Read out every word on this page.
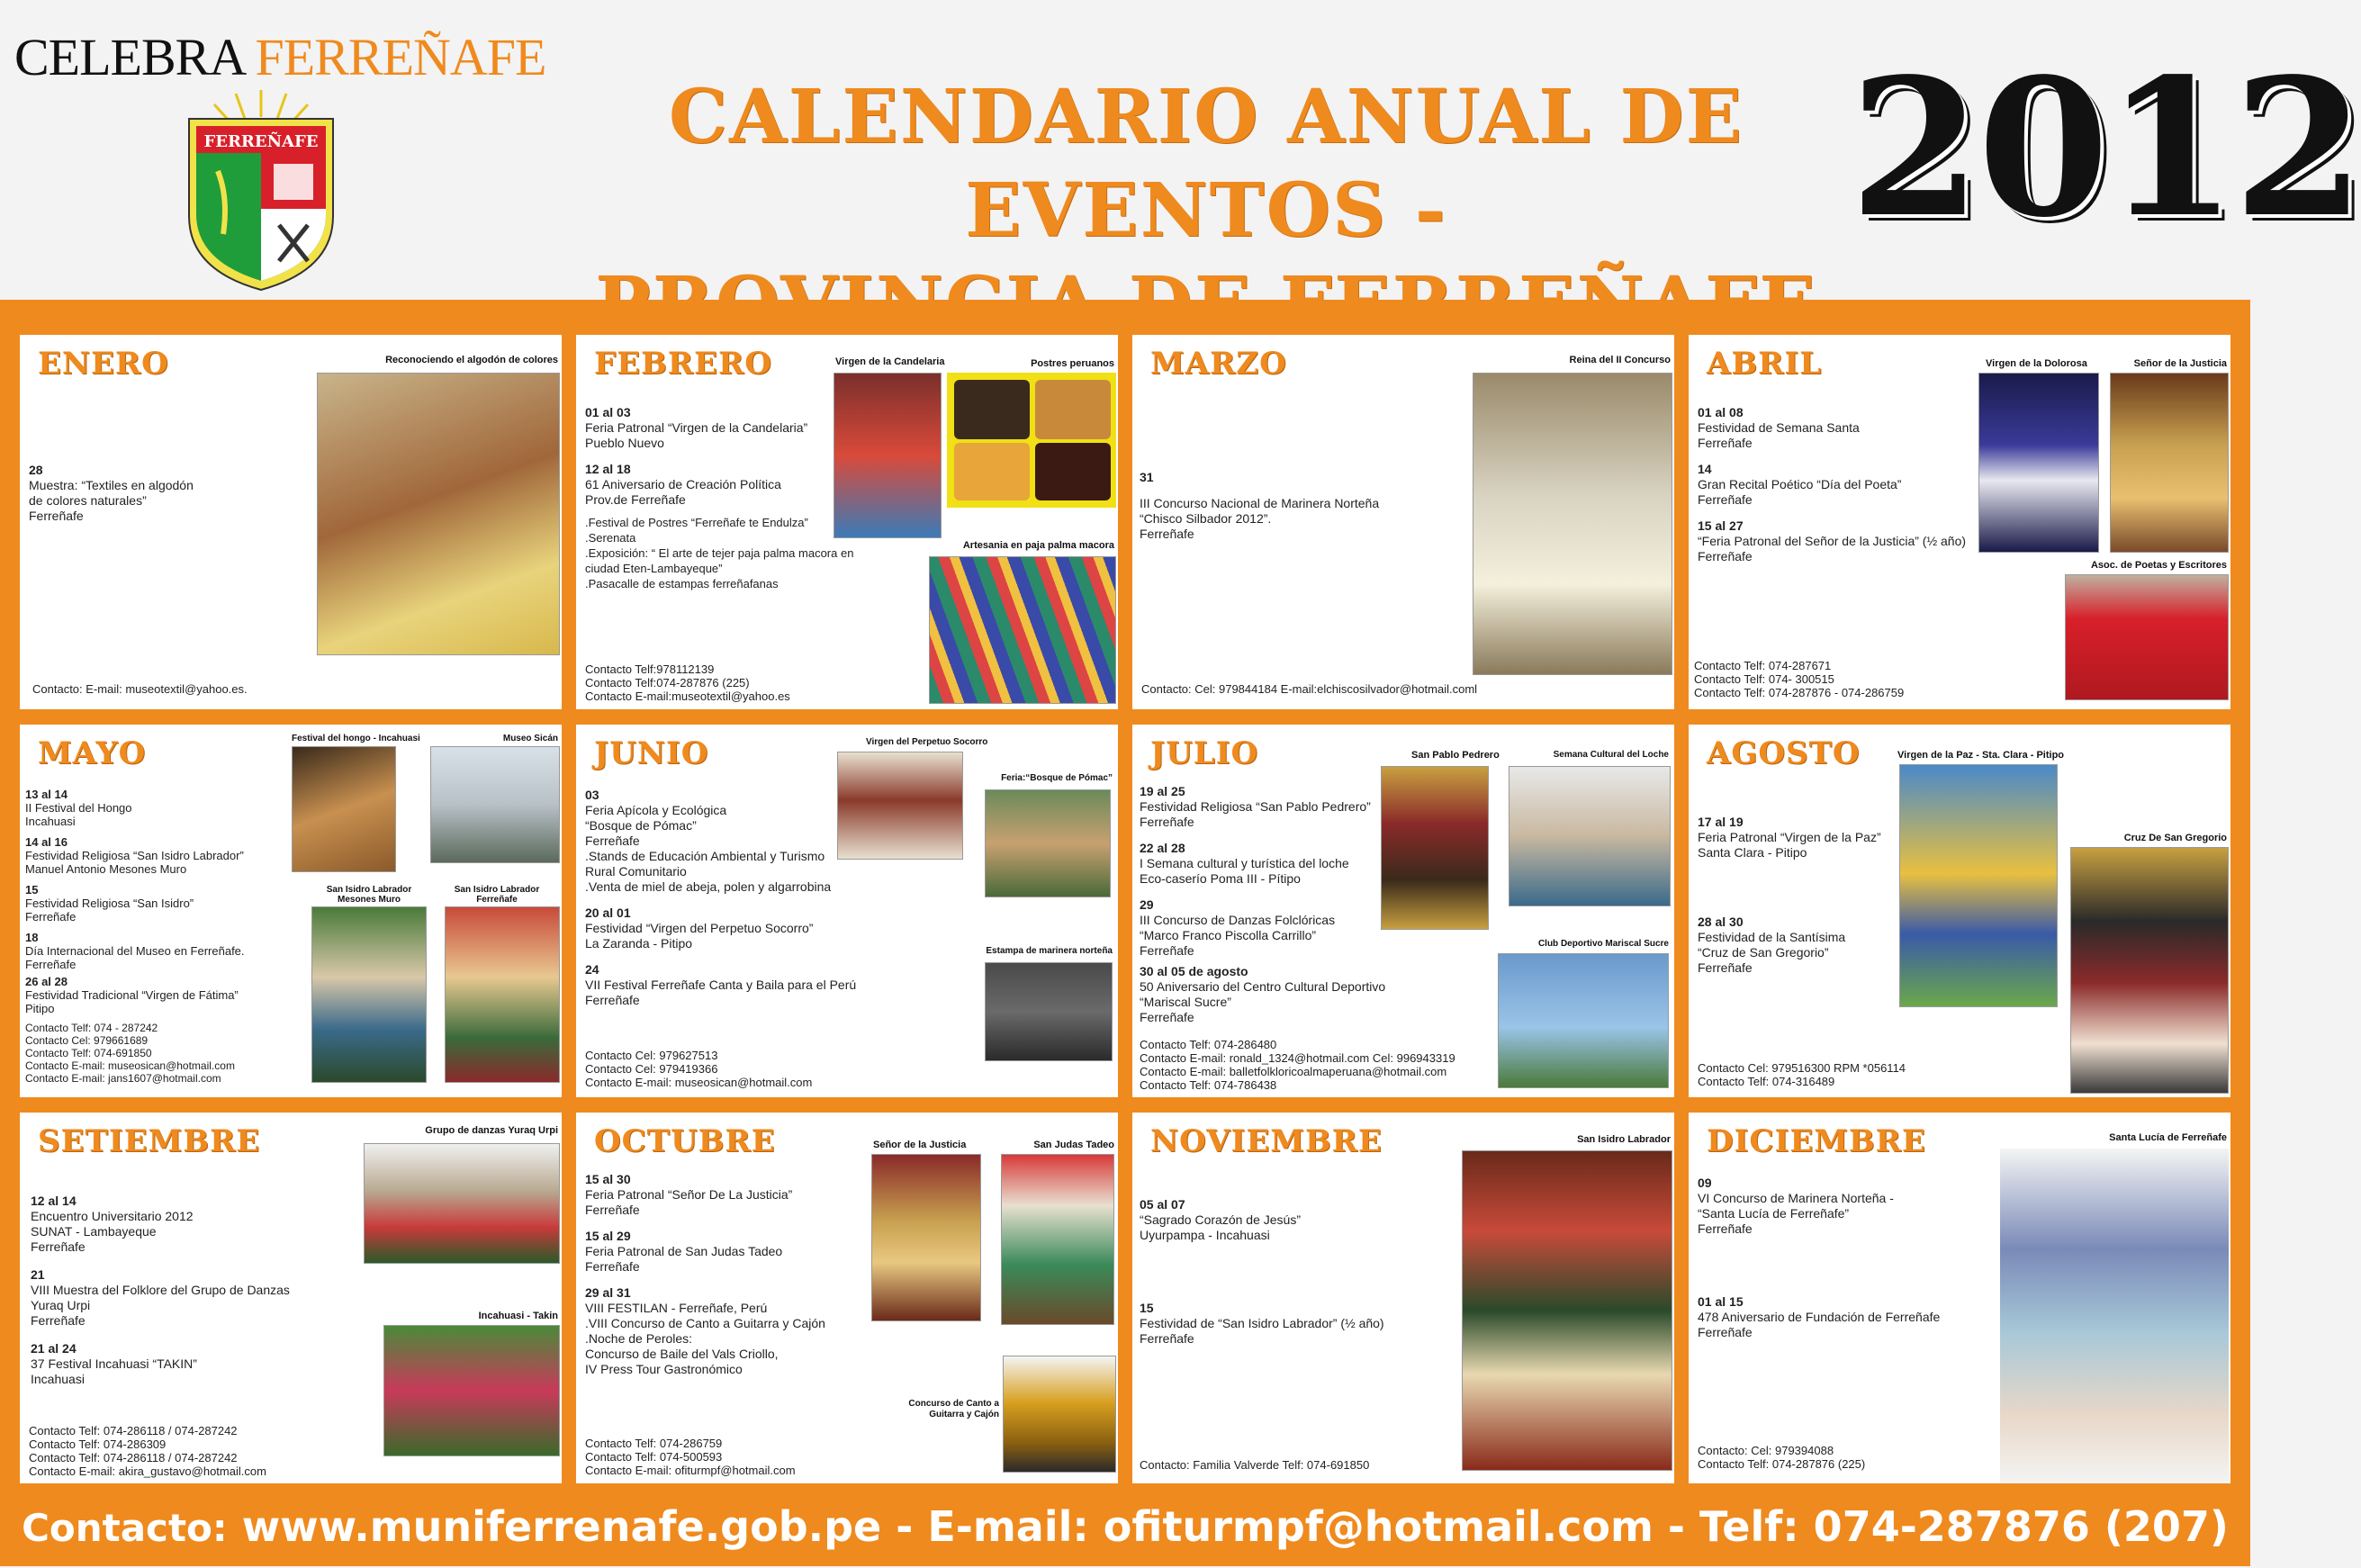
CELEBRA FERREÑAFE
FERREÑAFE	CALENDARIO ANUAL DE EVENTOS -	2012
ENERO
28
Muestra: “Textiles en algodón
de colores naturales”
Ferreñafe
Reconociendo el algodón de colores
Contacto: E-mail: museotextil@yahoo.es.
FEBRERO
01 al 03
Feria Patronal “Virgen de la Candelaria”
Pueblo Nuevo
12 al 18
61 Aniversario de Creación Política
Prov.de Ferreñafe
.Festival de Postres “Ferreñafe te Endulza”
.Serenata
.Exposición: “ El arte de tejer paja palma macora en
ciudad Eten-Lambayeque”
.Pasacalle de estampas ferreñafanas
Virgen de la Candelaria	Postres peruanos
Artesania en paja palma macora
Contacto Telf:978112139
Contacto Telf:074-287876 (225)
Contacto E-mail:museotextil@yahoo.es
MARZO
31
III Concurso Nacional de Marinera Norteña
“Chisco Silbador 2012”.
Ferreñafe
Reina del II Concurso
Contacto: Cel: 979844184 E-mail:elchiscosilvador@hotmail.coml
ABRIL
01 al 08
Festividad de Semana Santa
Ferreñafe
14
Gran Recital Poético “Día del Poeta”
Ferreñafe
15 al 27
“Feria Patronal del Señor de la Justicia” (½ año)
Ferreñafe
Virgen de la Dolorosa	Señor de la Justicia
Asoc. de Poetas y Escritores
Contacto Telf: 074-287671
Contacto Telf: 074- 300515
Contacto Telf: 074-287876 - 074-286759
MAYO
13 al 14
II Festival del Hongo
Incahuasi
14 al 16
Festividad Religiosa “San Isidro Labrador”
Manuel Antonio Mesones Muro
15
Festividad Religiosa “San Isidro”
Ferreñafe
18
Día Internacional del Museo en Ferreñafe.
Ferreñafe
26 al 28
Festividad Tradicional “Virgen de Fátima”
Pitipo
Festival del hongo - Incahuasi	Museo Sicán
San Isidro Labrador Mesones Muro
San Isidro Labrador Ferreñafe
Contacto Telf: 074 - 287242
Contacto Cel: 979661689
Contacto Telf: 074-691850
Contacto E-mail: museosican@hotmail.com
Contacto E-mail: jans1607@hotmail.com
JUNIO
03
Feria Apícola y Ecológica
“Bosque de Pómac”
Ferreñafe
.Stands de Educación Ambiental y Turismo
Rural Comunitario
.Venta de miel de abeja, polen y algarrobina
20 al 01
Festividad “Virgen del Perpetuo Socorro”
La Zaranda - Pitipo
24
VII Festival Ferreñafe Canta y Baila para el Perú
Ferreñafe
Virgen del Perpetuo Socorro
Feria:“Bosque de Pómac”
Estampa de marinera norteña
Contacto Cel: 979627513
Contacto Cel: 979419366
Contacto E-mail: museosican@hotmail.com
JULIO
19 al 25
Festividad Religiosa “San Pablo Pedrero”
Ferreñafe
22 al 28
I Semana cultural y turística del loche
Eco-caserío Poma III - Pítipo
29
III Concurso de Danzas Folclóricas
“Marco Franco Piscolla Carrillo”
Ferreñafe
30 al 05 de agosto
50 Aniversario del Centro Cultural Deportivo
“Mariscal Sucre”
Ferreñafe
San Pablo Pedrero	Semana Cultural del Loche
Club Deportivo Mariscal Sucre
Contacto Telf: 074-286480
Contacto E-mail: ronald_1324@hotmail.com Cel: 996943319
Contacto E-mail: balletfolkloricoalmaperuana@hotmail.com
Contacto Telf: 074-786438
AGOSTO
17 al 19
Feria Patronal “Virgen de la Paz”
Santa Clara - Pitipo
28 al 30
Festividad de la Santísima
“Cruz de San Gregorio”
Ferreñafe
Virgen de la Paz - Sta. Clara - Pitipo
Cruz De San Gregorio
Contacto Cel: 979516300 RPM *056114
Contacto Telf: 074-316489
SETIEMBRE
12 al 14
Encuentro Universitario 2012
SUNAT - Lambayeque
Ferreñafe
21
VIII Muestra del Folklore del Grupo de Danzas
Yuraq Urpi
Ferreñafe
21 al 24
37 Festival Incahuasi “TAKIN”
Incahuasi
Grupo de danzas Yuraq Urpi
Incahuasi - Takin
Contacto Telf: 074-286118 / 074-287242
Contacto Telf: 074-286309
Contacto Telf: 074-286118 / 074-287242
Contacto E-mail: akira_gustavo@hotmail.com
OCTUBRE
15 al 30
Feria Patronal “Señor De La Justicia”
Ferreñafe
15 al 29
Feria Patronal de San Judas Tadeo
Ferreñafe
29 al 31
VIII FESTILAN - Ferreñafe, Perú
.VIII Concurso de Canto a Guitarra y Cajón
.Noche de Peroles:
Concurso de Baile del Vals Criollo,
IV Press Tour Gastronómico
Señor de la Justicia	San Judas Tadeo
Concurso de Canto a Guitarra y Cajón
Contacto Telf: 074-286759
Contacto Telf: 074-500593
Contacto E-mail: ofiturmpf@hotmail.com
NOVIEMBRE
05 al 07
“Sagrado Corazón de Jesús”
Uyurpampa - Incahuasi
15
Festividad de “San Isidro Labrador” (½ año)
Ferreñafe
San Isidro Labrador
Contacto: Familia Valverde Telf: 074-691850
DICIEMBRE
09
VI Concurso de Marinera Norteña -
“Santa Lucía de Ferreñafe”
Ferreñafe
01 al 15
478 Aniversario de Fundación de Ferreñafe
Ferreñafe
Santa Lucía de Ferreñafe
Contacto: Cel: 979394088
Contacto Telf: 074-287876 (225)
Contacto: www.muniferrenafe.gob.pe - E-mail: ofiturmpf@hotmail.com - Telf: 074-287876 (207)
